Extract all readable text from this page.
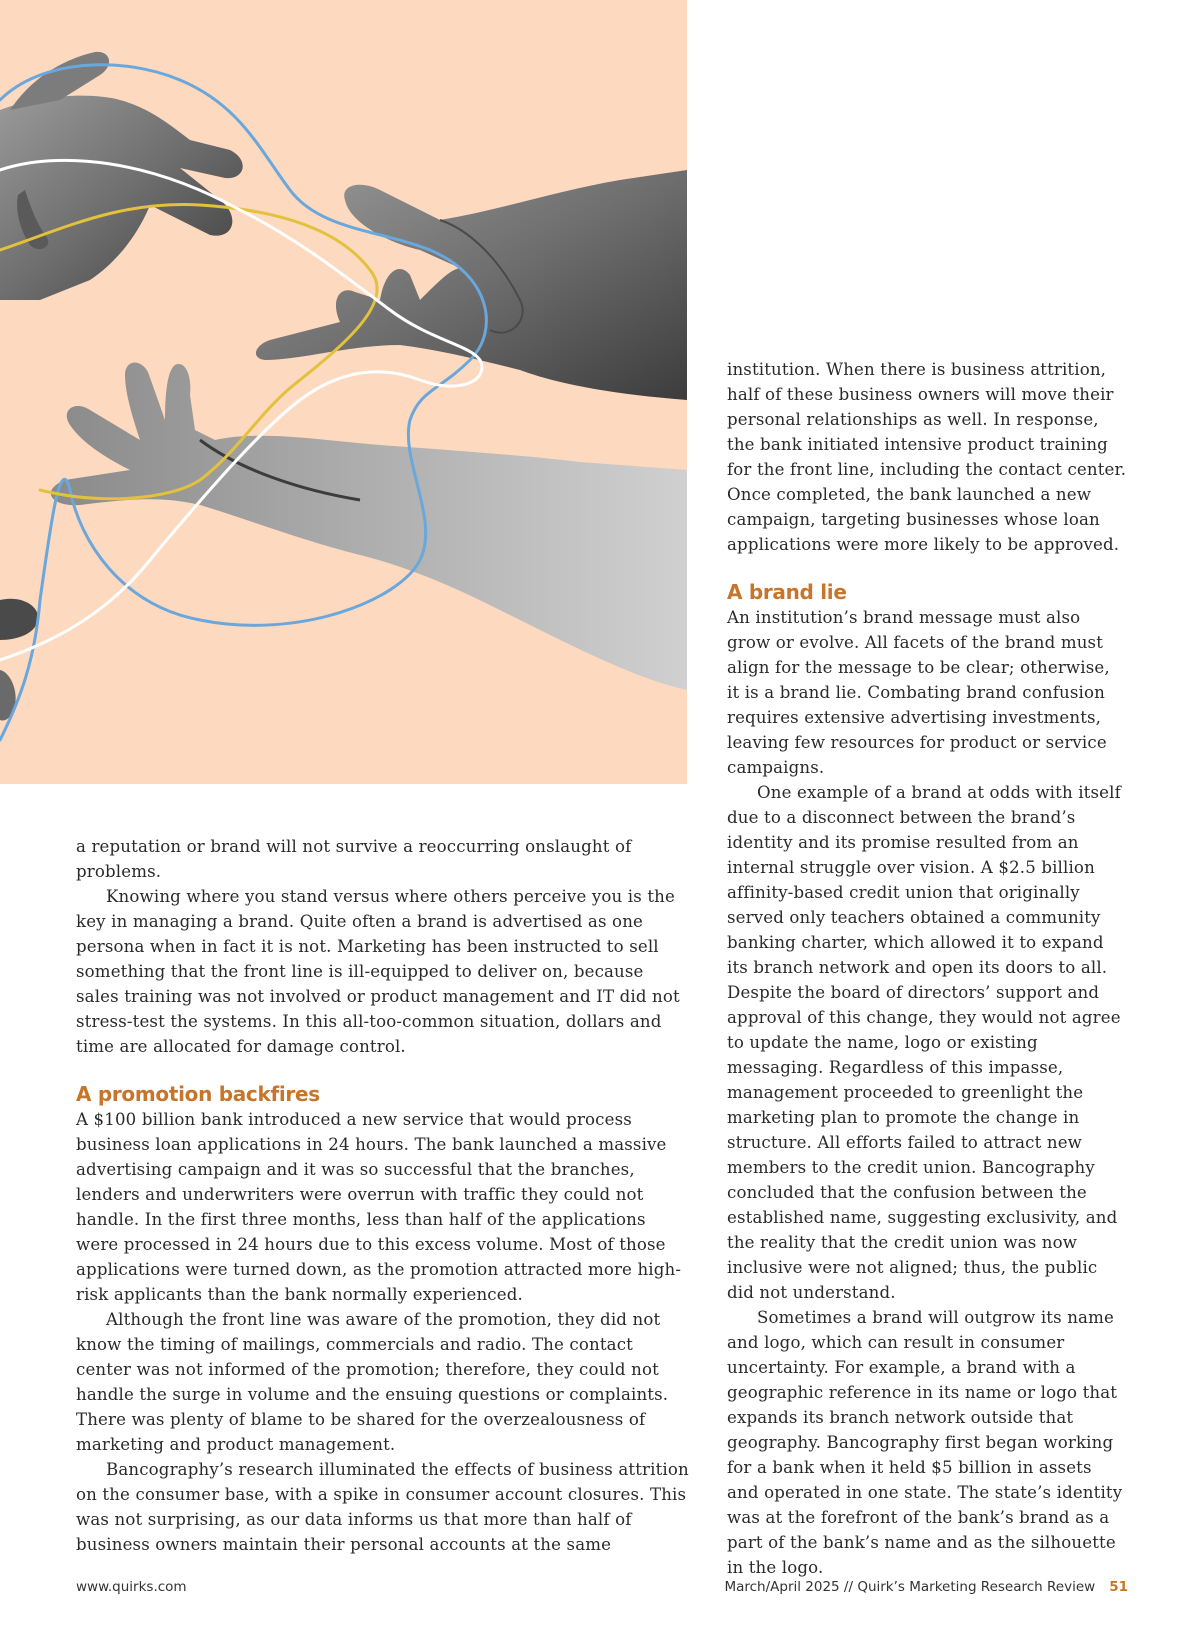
a reputation or brand will not survive a reoccurring onslaught of problems.

Knowing where you stand versus where others perceive you is the key in managing a brand. Quite often a brand is advertised as one persona when in fact it is not. Marketing has been instructed to sell something that the front line is ill-equipped to deliver on, because sales training was not involved or product management and IT did not stress-test the systems. In this all-too-common situation, dollars and time are allocated for damage control.

A promotion backfires

A $100 billion bank introduced a new service that would process business loan applications in 24 hours. The bank launched a massive advertising campaign and it was so successful that the branches, lenders and underwriters were overrun with traffic they could not handle. In the first three months, less than half of the applications were processed in 24 hours due to this excess volume. Most of those applications were turned down, as the promotion attracted more high-risk applicants than the bank normally experienced.

Although the front line was aware of the promotion, they did not know the timing of mailings, commercials and radio. The contact center was not informed of the promotion; therefore, they could not handle the surge in volume and the ensuing questions or complaints. There was plenty of blame to be shared for the overzealousness of marketing and product management.

Bancography’s research illuminated the effects of business attrition on the consumer base, with a spike in consumer account closures. This was not surprising, as our data informs us that more than half of business owners maintain their personal accounts at the same

institution. When there is business attrition, half of these business owners will move their personal relationships as well. In response, the bank initiated intensive product training for the front line, including the contact center. Once completed, the bank launched a new campaign, targeting businesses whose loan applications were more likely to be approved.

A brand lie

An institution’s brand message must also grow or evolve. All facets of the brand must align for the message to be clear; otherwise, it is a brand lie. Combating brand confusion requires extensive advertising investments, leaving few resources for product or service campaigns.

One example of a brand at odds with itself due to a disconnect between the brand’s identity and its promise resulted from an internal struggle over vision. A $2.5 billion affinity-based credit union that originally served only teachers obtained a community banking charter, which allowed it to expand its branch network and open its doors to all. Despite the board of directors’ support and approval of this change, they would not agree to update the name, logo or existing messaging. Regardless of this impasse, management proceeded to greenlight the marketing plan to promote the change in structure. All efforts failed to attract new members to the credit union. Bancography concluded that the confusion between the established name, suggesting exclusivity, and the reality that the credit union was now inclusive were not aligned; thus, the public did not understand.

Sometimes a brand will outgrow its name and logo, which can result in consumer uncertainty. For example, a brand with a geographic reference in its name or logo that expands its branch network outside that geography. Bancography first began working for a bank when it held $5 billion in assets and operated in one state. The state’s identity was at the forefront of the bank’s brand as a part of the bank’s name and as the silhouette in the logo.

www.quirks.com	March/April 2025 // Quirk’s Marketing Research Review 51
